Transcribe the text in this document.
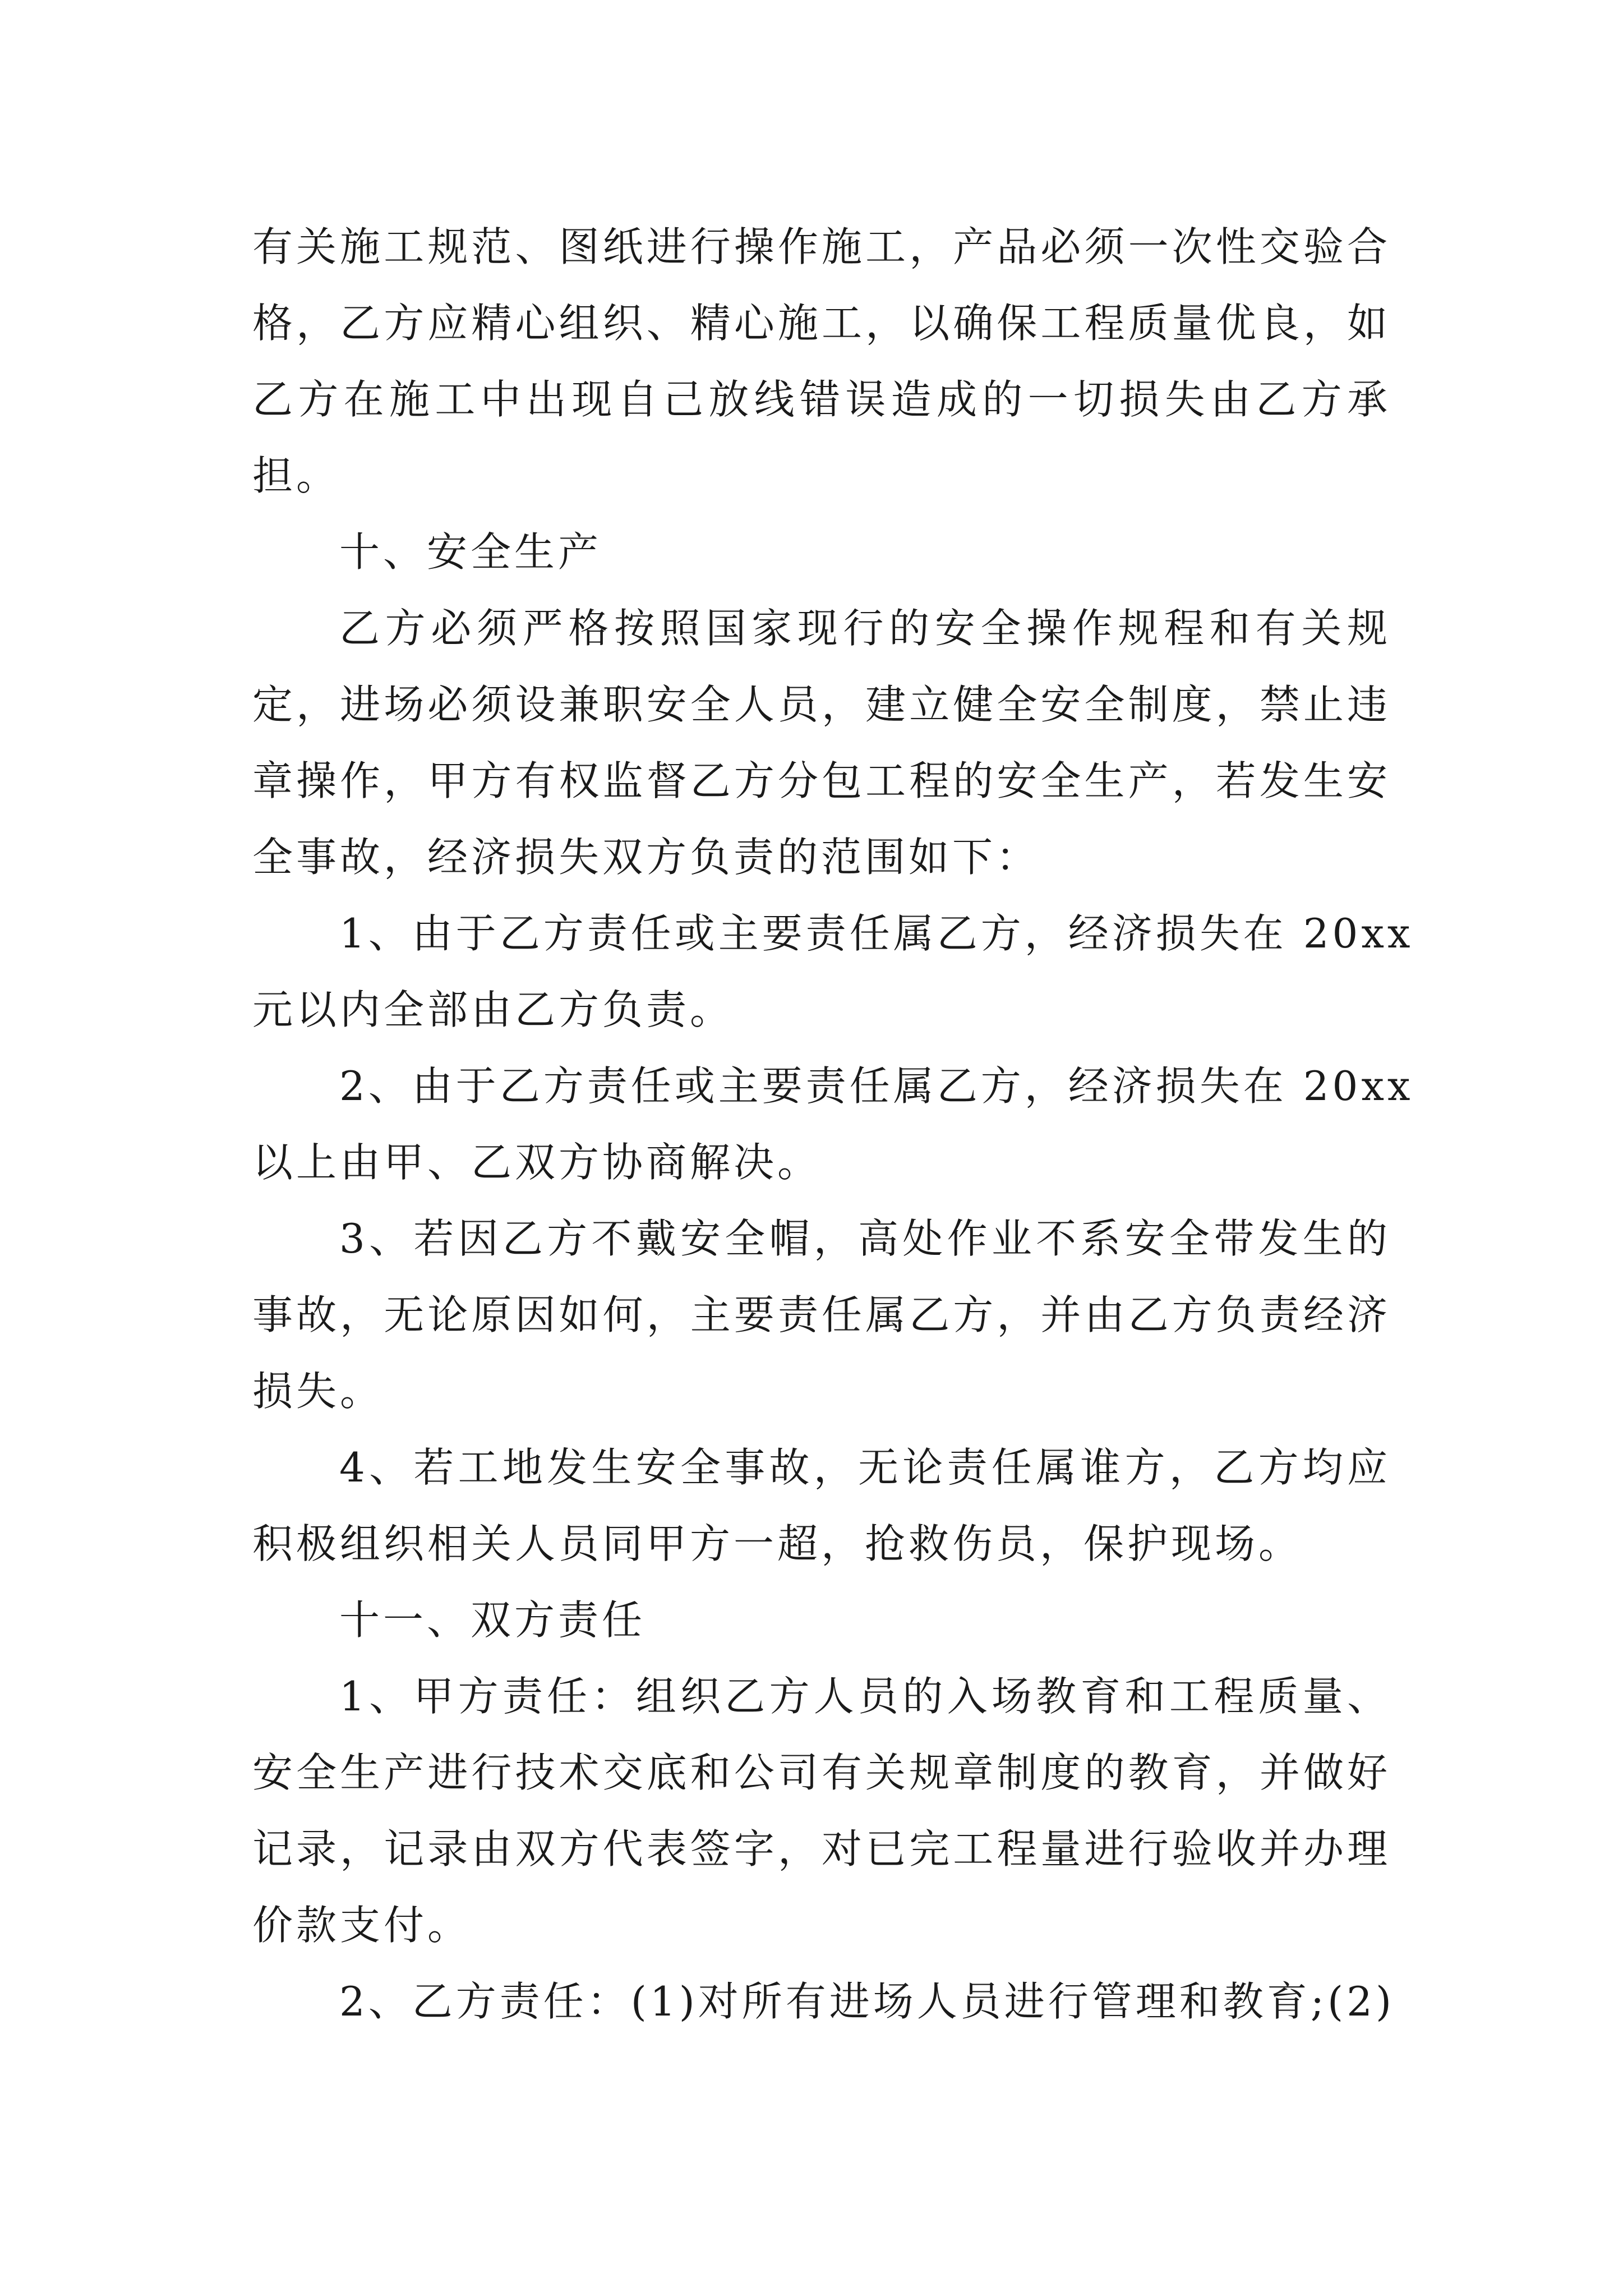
有关施工规范、图纸进行操作施工，产品必须一次性交验合
格，乙方应精心组织、精心施工，以确保工程质量优良，如
乙方在施工中出现自己放线错误造成的一切损失由乙方承
担。
十、安全生产
乙方必须严格按照国家现行的安全操作规程和有关规
定，进场必须设兼职安全人员，建立健全安全制度，禁止违
章操作，甲方有权监督乙方分包工程的安全生产，若发生安
全事故，经济损失双方负责的范围如下：
1、由于乙方责任或主要责任属乙方，经济损失在 20xx
元以内全部由乙方负责。
2、由于乙方责任或主要责任属乙方，经济损失在 20xx
以上由甲、乙双方协商解决。
3、若因乙方不戴安全帽，高处作业不系安全带发生的
事故，无论原因如何，主要责任属乙方，并由乙方负责经济
损失。
4、若工地发生安全事故，无论责任属谁方，乙方均应
积极组织相关人员同甲方一超，抢救伤员，保护现场。
十一、双方责任
1、甲方责任：组织乙方人员的入场教育和工程质量、
安全生产进行技术交底和公司有关规章制度的教育，并做好
记录，记录由双方代表签字，对已完工程量进行验收并办理
价款支付。
2、乙方责任：(1)对所有进场人员进行管理和教育;(2)
